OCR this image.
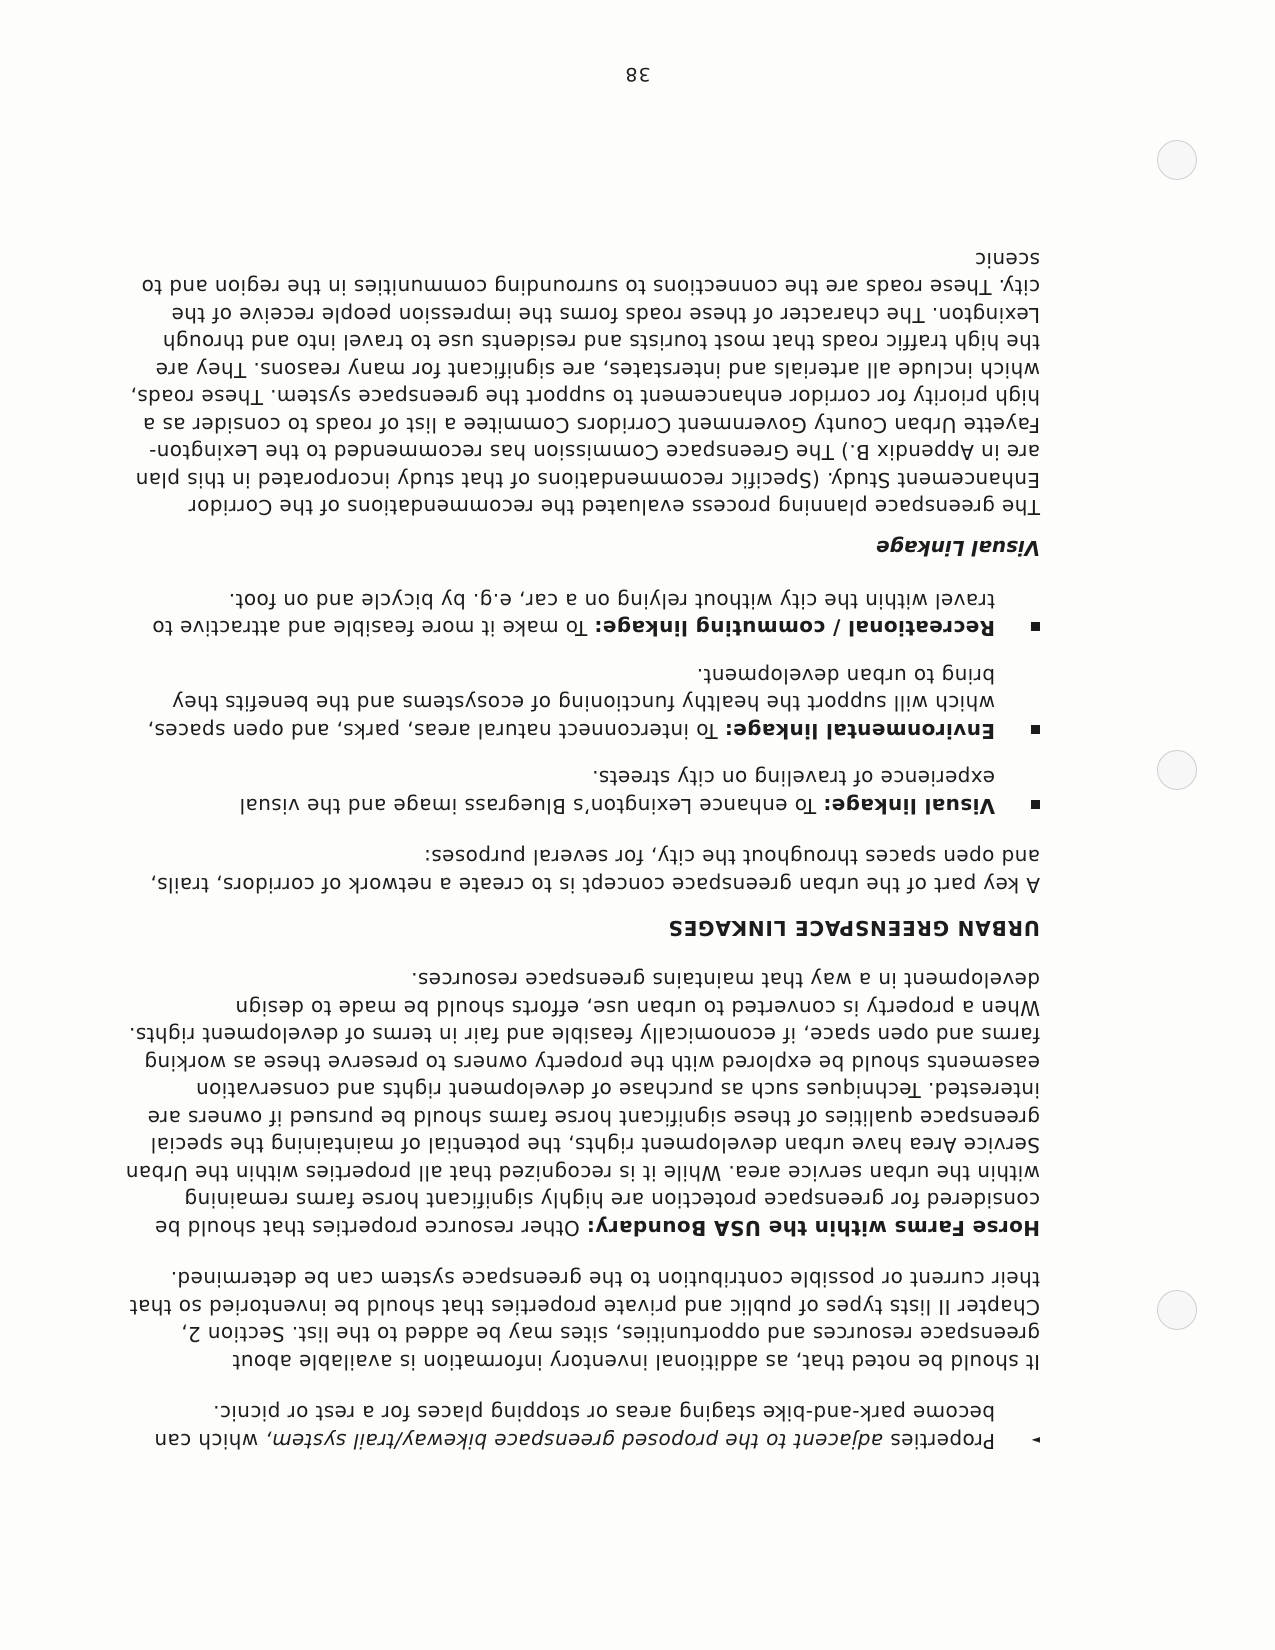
►

Properties adjacent to the proposed greenspace bikeway/trail system, which can become park-and-bike staging areas or stopping places for a rest or picnic.

It should be noted that, as additional inventory information is available about greenspace resources and opportunities, sites may be added to the list. Section 2, Chapter II lists types of public and private properties that should be inventoried so that their current or possible contribution to the greenspace system can be determined.

Horse Farms within the USA Boundary: Other resource properties that should be considered for greenspace protection are highly significant horse farms remaining within the urban service area. While it is recognized that all properties within the Urban Service Area have urban development rights, the potential of maintaining the special greenspace qualities of these significant horse farms should be pursued if owners are interested. Techniques such as purchase of development rights and conservation easements should be explored with the property owners to preserve these as working farms and open space, if economically feasible and fair in terms of development rights. When a property is converted to urban use, efforts should be made to design development in a way that maintains greenspace resources.

URBAN GREENSPACE LINKAGES

A key part of the urban greenspace concept is to create a network of corridors, trails, and open spaces throughout the city, for several purposes:

Visual linkage: To enhance Lexington’s Bluegrass image and the visual experience of traveling on city streets.

Environmental linkage: To interconnect natural areas, parks, and open spaces, which will support the healthy functioning of ecosystems and the benefits they bring to urban development.

Recreational / commuting linkage: To make it more feasible and attractive to travel within the city without relying on a car, e.g. by bicycle and on foot.

Visual Linkage

The greenspace planning process evaluated the recommendations of the Corridor Enhancement Study. (Specific recommendations of that study incorporated in this plan are in Appendix B.) The Greenspace Commission has recommended to the Lexington-Fayette Urban County Government Corridors Commitee a list of roads to consider as a high priority for corridor enhancement to support the greenspace system. These roads, which include all arterials and interstates, are significant for many reasons. They are the high traffic roads that most tourists and residents use to travel into and through Lexington. The character of these roads forms the impression people receive of the city. These roads are the connections to surrounding communities in the region and to scenic

38
